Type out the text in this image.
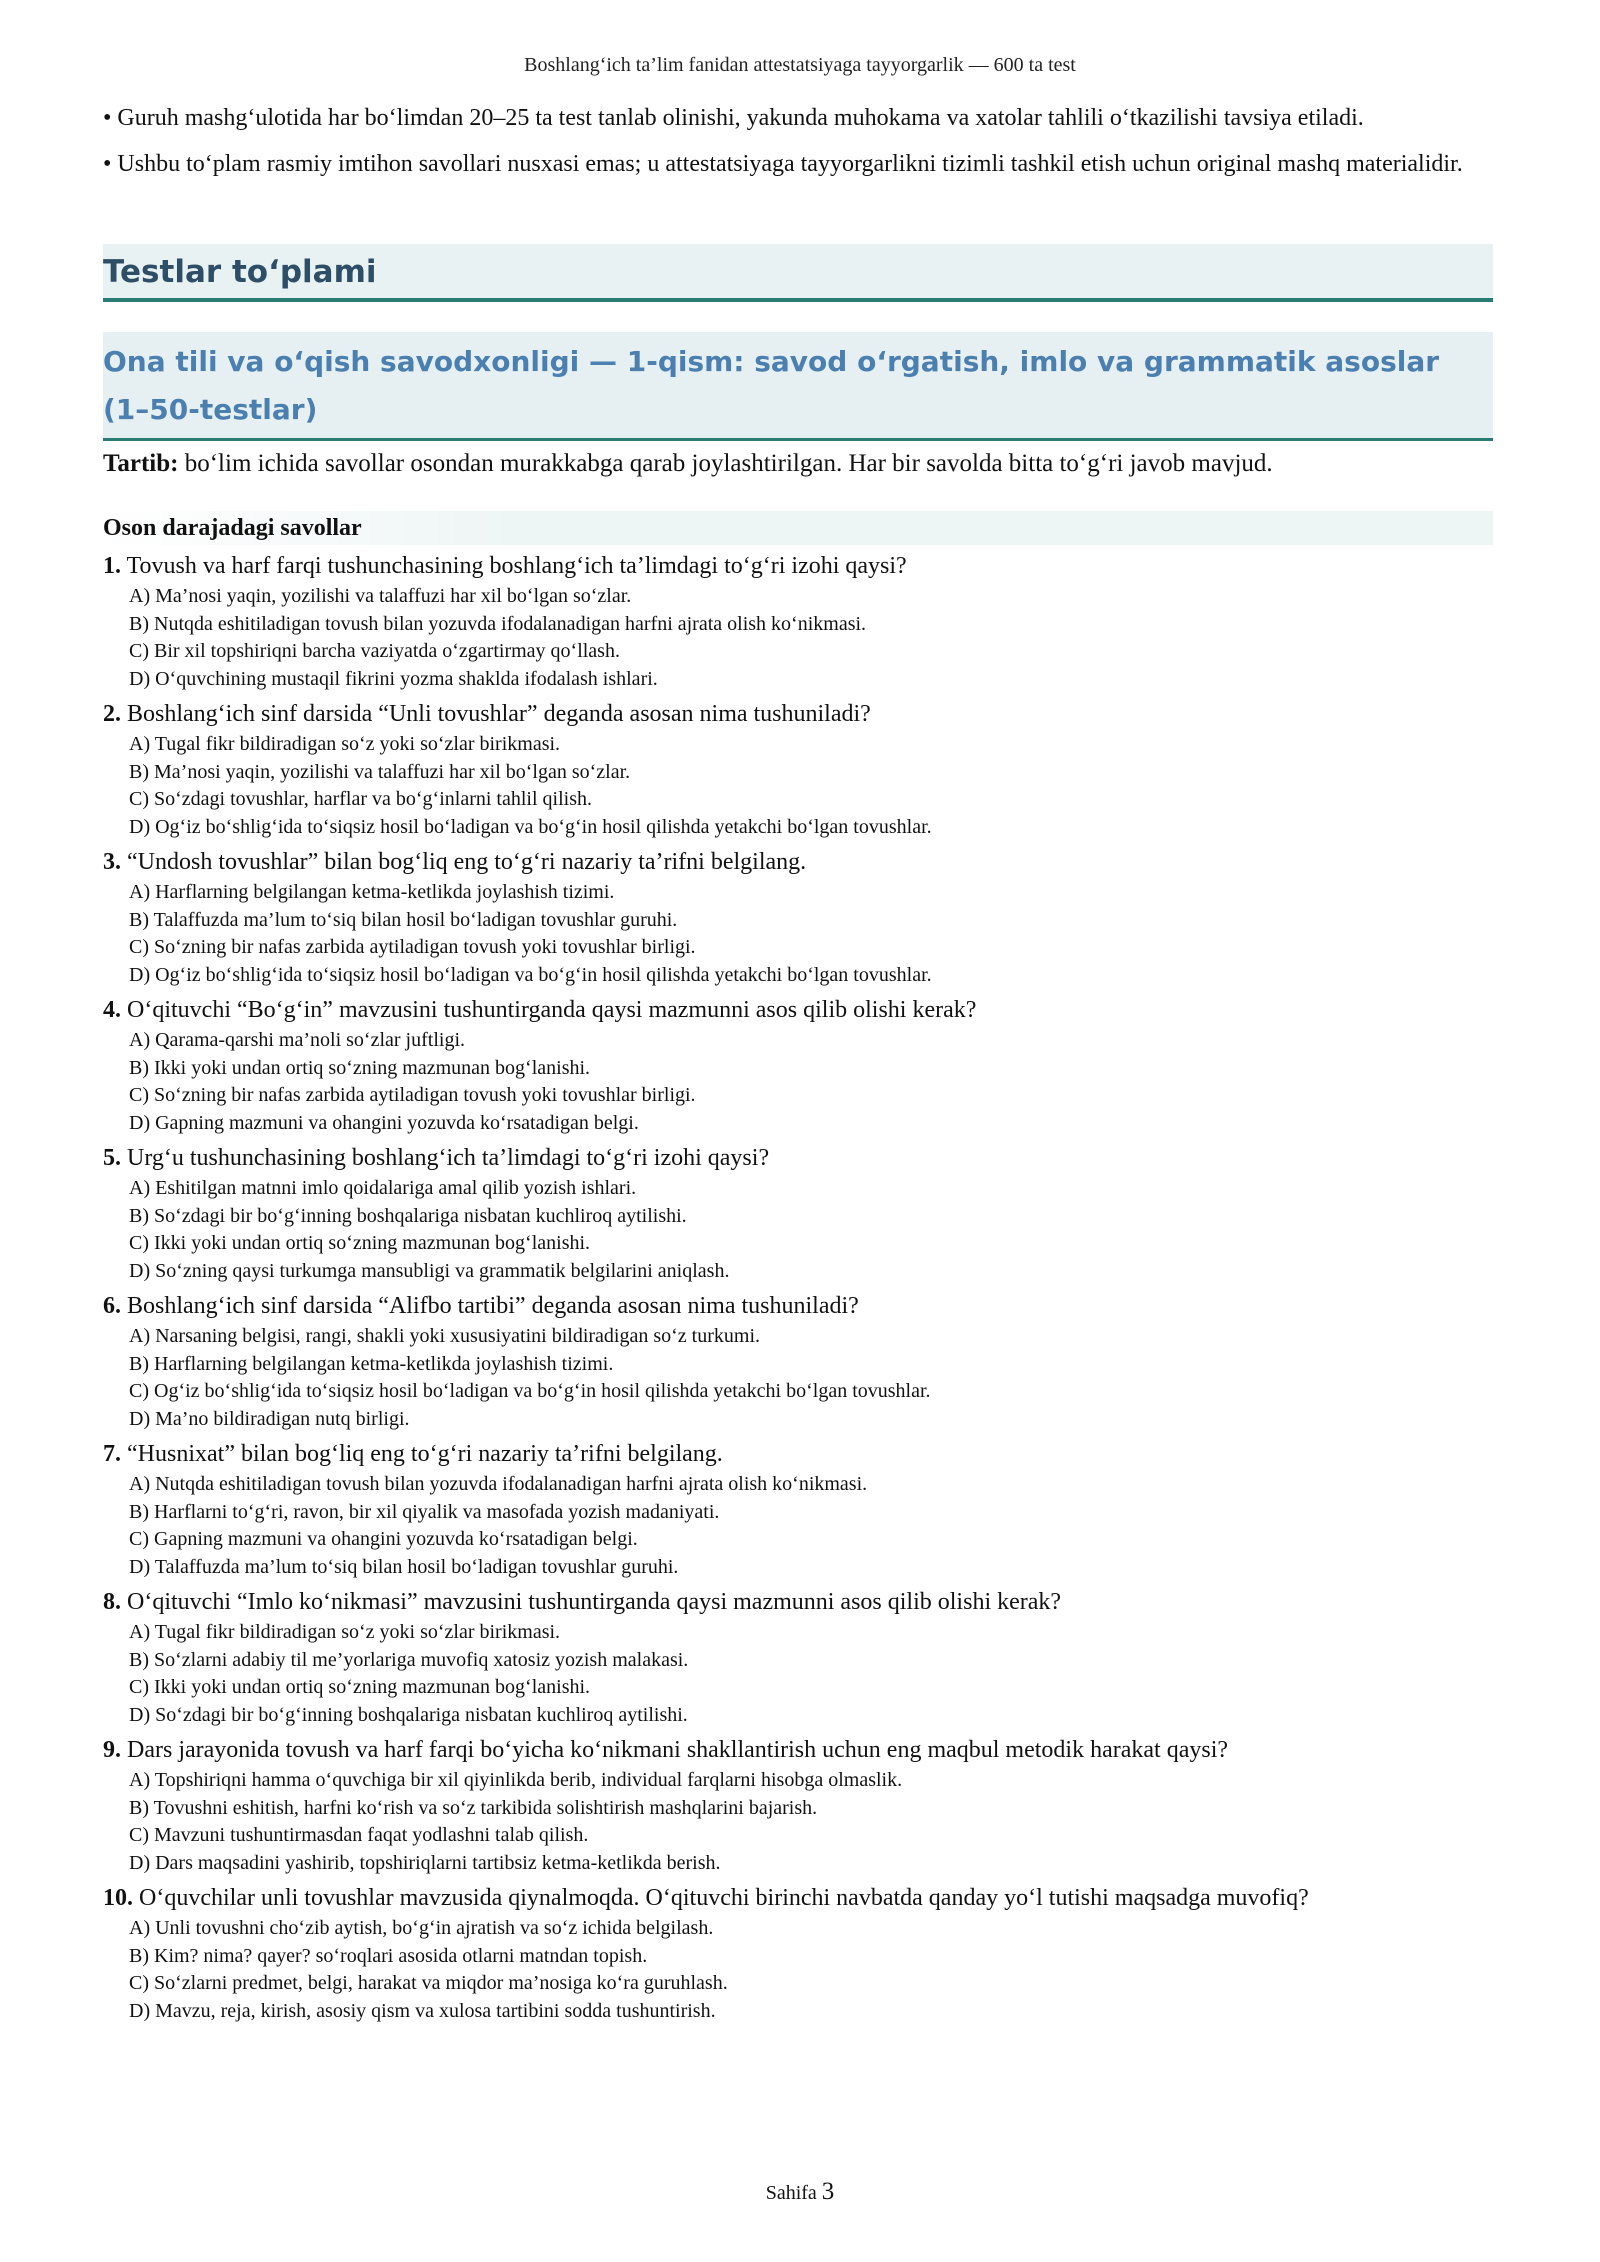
Boshlang‘ich ta’lim fanidan attestatsiyaga tayyorgarlik — 600 ta test

• Guruh mashg‘ulotida har bo‘limdan 20–25 ta test tanlab olinishi, yakunda muhokama va xatolar tahlili o‘tkazilishi tavsiya etiladi.

• Ushbu to‘plam rasmiy imtihon savollari nusxasi emas; u attestatsiyaga tayyorgarlikni tizimli tashkil etish uchun original mashq materialidir.

Testlar to‘plami
Ona tili va o‘qish savodxonligi — 1-qism: savod o‘rgatish, imlo va grammatik asoslar (1–50-testlar)
Tartib: bo‘lim ichida savollar osondan murakkabga qarab joylashtirilgan. Har bir savolda bitta to‘g‘ri javob mavjud.
Oson darajadagi savollar
1. Tovush va harf farqi tushunchasining boshlang‘ich ta’limdagi to‘g‘ri izohi qaysi?
A) Ma’nosi yaqin, yozilishi va talaffuzi har xil bo‘lgan so‘zlar.
B) Nutqda eshitiladigan tovush bilan yozuvda ifodalanadigan harfni ajrata olish ko‘nikmasi.
C) Bir xil topshiriqni barcha vaziyatda o‘zgartirmay qo‘llash.
D) O‘quvchining mustaqil fikrini yozma shaklda ifodalash ishlari.
2. Boshlang‘ich sinf darsida “Unli tovushlar” deganda asosan nima tushuniladi?
A) Tugal fikr bildiradigan so‘z yoki so‘zlar birikmasi.
B) Ma’nosi yaqin, yozilishi va talaffuzi har xil bo‘lgan so‘zlar.
C) So‘zdagi tovushlar, harflar va bo‘g‘inlarni tahlil qilish.
D) Og‘iz bo‘shlig‘ida to‘siqsiz hosil bo‘ladigan va bo‘g‘in hosil qilishda yetakchi bo‘lgan tovushlar.
3. “Undosh tovushlar” bilan bog‘liq eng to‘g‘ri nazariy ta’rifni belgilang.
A) Harflarning belgilangan ketma-ketlikda joylashish tizimi.
B) Talaffuzda ma’lum to‘siq bilan hosil bo‘ladigan tovushlar guruhi.
C) So‘zning bir nafas zarbida aytiladigan tovush yoki tovushlar birligi.
D) Og‘iz bo‘shlig‘ida to‘siqsiz hosil bo‘ladigan va bo‘g‘in hosil qilishda yetakchi bo‘lgan tovushlar.
4. O‘qituvchi “Bo‘g‘in” mavzusini tushuntirganda qaysi mazmunni asos qilib olishi kerak?
A) Qarama-qarshi ma’noli so‘zlar juftligi.
B) Ikki yoki undan ortiq so‘zning mazmunan bog‘lanishi.
C) So‘zning bir nafas zarbida aytiladigan tovush yoki tovushlar birligi.
D) Gapning mazmuni va ohangini yozuvda ko‘rsatadigan belgi.
5. Urg‘u tushunchasining boshlang‘ich ta’limdagi to‘g‘ri izohi qaysi?
A) Eshitilgan matnni imlo qoidalariga amal qilib yozish ishlari.
B) So‘zdagi bir bo‘g‘inning boshqalariga nisbatan kuchliroq aytilishi.
C) Ikki yoki undan ortiq so‘zning mazmunan bog‘lanishi.
D) So‘zning qaysi turkumga mansubligi va grammatik belgilarini aniqlash.
6. Boshlang‘ich sinf darsida “Alifbo tartibi” deganda asosan nima tushuniladi?
A) Narsaning belgisi, rangi, shakli yoki xususiyatini bildiradigan so‘z turkumi.
B) Harflarning belgilangan ketma-ketlikda joylashish tizimi.
C) Og‘iz bo‘shlig‘ida to‘siqsiz hosil bo‘ladigan va bo‘g‘in hosil qilishda yetakchi bo‘lgan tovushlar.
D) Ma’no bildiradigan nutq birligi.
7. “Husnixat” bilan bog‘liq eng to‘g‘ri nazariy ta’rifni belgilang.
A) Nutqda eshitiladigan tovush bilan yozuvda ifodalanadigan harfni ajrata olish ko‘nikmasi.
B) Harflarni to‘g‘ri, ravon, bir xil qiyalik va masofada yozish madaniyati.
C) Gapning mazmuni va ohangini yozuvda ko‘rsatadigan belgi.
D) Talaffuzda ma’lum to‘siq bilan hosil bo‘ladigan tovushlar guruhi.
8. O‘qituvchi “Imlo ko‘nikmasi” mavzusini tushuntirganda qaysi mazmunni asos qilib olishi kerak?
A) Tugal fikr bildiradigan so‘z yoki so‘zlar birikmasi.
B) So‘zlarni adabiy til me’yorlariga muvofiq xatosiz yozish malakasi.
C) Ikki yoki undan ortiq so‘zning mazmunan bog‘lanishi.
D) So‘zdagi bir bo‘g‘inning boshqalariga nisbatan kuchliroq aytilishi.
9. Dars jarayonida tovush va harf farqi bo‘yicha ko‘nikmani shakllantirish uchun eng maqbul metodik harakat qaysi?
A) Topshiriqni hamma o‘quvchiga bir xil qiyinlikda berib, individual farqlarni hisobga olmaslik.
B) Tovushni eshitish, harfni ko‘rish va so‘z tarkibida solishtirish mashqlarini bajarish.
C) Mavzuni tushuntirmasdan faqat yodlashni talab qilish.
D) Dars maqsadini yashirib, topshiriqlarni tartibsiz ketma-ketlikda berish.
10. O‘quvchilar unli tovushlar mavzusida qiynalmoqda. O‘qituvchi birinchi navbatda qanday yo‘l tutishi maqsadga muvofiq?
A) Unli tovushni cho‘zib aytish, bo‘g‘in ajratish va so‘z ichida belgilash.
B) Kim? nima? qayer? so‘roqlari asosida otlarni matndan topish.
C) So‘zlarni predmet, belgi, harakat va miqdor ma’nosiga ko‘ra guruhlash.
D) Mavzu, reja, kirish, asosiy qism va xulosa tartibini sodda tushuntirish.
Sahifa 3
